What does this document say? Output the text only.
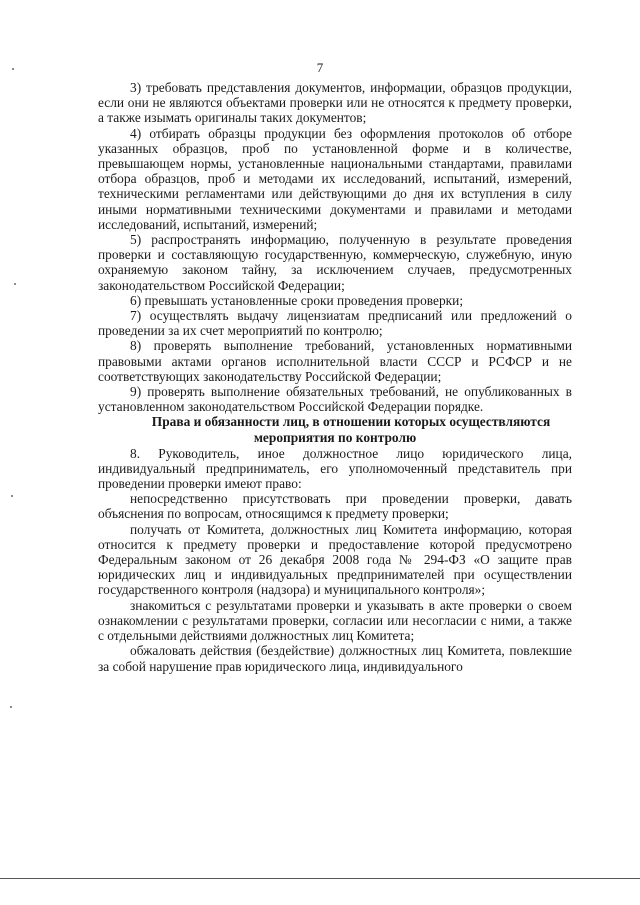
7

3) требовать представления документов, информации, образцов продукции, если они не являются объектами проверки или не относятся к предмету проверки, а также изымать оригиналы таких документов;

4) отбирать образцы продукции без оформления протоколов об отборе указанных образцов, проб по установленной форме и в количестве, превышающем нормы, установленные национальными стандартами, правилами отбора образцов, проб и методами их исследований, испытаний, измерений, техническими регламентами или действующими до дня их вступления в силу иными нормативными техническими документами и правилами и методами исследований, испытаний, измерений;

5) распространять информацию, полученную в результате проведения проверки и составляющую государственную, коммерческую, служебную, иную охраняемую законом тайну, за исключением случаев, предусмотренных законодательством Российской Федерации;

6) превышать установленные сроки проведения проверки;

7) осуществлять выдачу лицензиатам предписаний или предложений о проведении за их счет мероприятий по контролю;

8) проверять выполнение требований, установленных нормативными правовыми актами органов исполнительной власти СССР и РСФСР и не соответствующих законодательству Российской Федерации;

9) проверять выполнение обязательных требований, не опубликованных в установленном законодательством Российской Федерации порядке.

Права и обязанности лиц, в отношении которых осуществляются мероприятия по контролю

8. Руководитель, иное должностное лицо юридического лица, индивидуальный предприниматель, его уполномоченный представитель при проведении проверки имеют право:

непосредственно присутствовать при проведении проверки, давать объяснения по вопросам, относящимся к предмету проверки;

получать от Комитета, должностных лиц Комитета информацию, которая относится к предмету проверки и предоставление которой предусмотрено Федеральным законом от 26 декабря 2008 года № 294-ФЗ «О защите прав юридических лиц и индивидуальных предпринимателей при осуществлении государственного контроля (надзора) и муниципального контроля»;

знакомиться с результатами проверки и указывать в акте проверки о своем ознакомлении с результатами проверки, согласии или несогласии с ними, а также с отдельными действиями должностных лиц Комитета;

обжаловать действия (бездействие) должностных лиц Комитета, повлекшие за собой нарушение прав юридического лица, индивидуального
